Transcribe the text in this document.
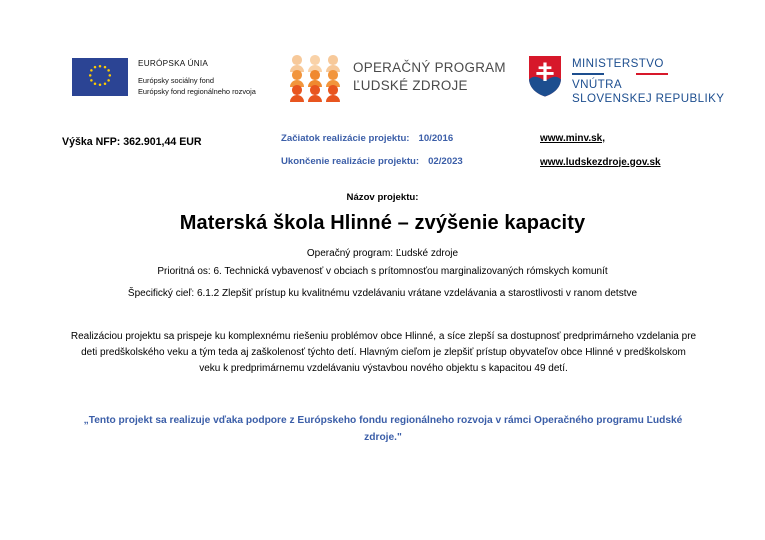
EURÓPSKA ÚNIA
Európsky sociálny fond
Európsky fond regionálneho rozvoja
OPERAČNÝ PROGRAM
ĽUDSKÉ ZDROJE
MINISTERSTVO
VNÚTRA
SLOVENSKEJ REPUBLIKY
Výška NFP: 362.901,44 EUR	Začiatok realizácie projektu: 10/2016
Ukončenie realizácie projektu: 02/2023
www.minv.sk,
www.ludskezdroje.gov.sk
Názov projektu:
Materská škola Hlinné – zvýšenie kapacity
Operačný program: Ľudské zdroje
Prioritná os: 6. Technická vybavenosť v obciach s prítomnosťou marginalizovaných rómskych komunít
Špecifický cieľ: 6.1.2 Zlepšiť prístup ku kvalitnému vzdelávaniu vrátane vzdelávania a starostlivosti v ranom detstve
Realizáciou projektu sa prispeje ku komplexnému riešeniu problémov obce Hlinné, a síce zlepší sa dostupnosť predprimárneho vzdelania pre deti predškolského veku a tým teda aj zaškolenosť týchto detí. Hlavným cieľom je zlepšiť prístup obyvateľov obce Hlinné v predškolskom veku k predprimárnemu vzdelávaniu výstavbou nového objektu s kapacitou 49 detí.
„Tento projekt sa realizuje vďaka podpore z Európskeho fondu regionálneho rozvoja v rámci Operačného programu Ľudské zdroje."
